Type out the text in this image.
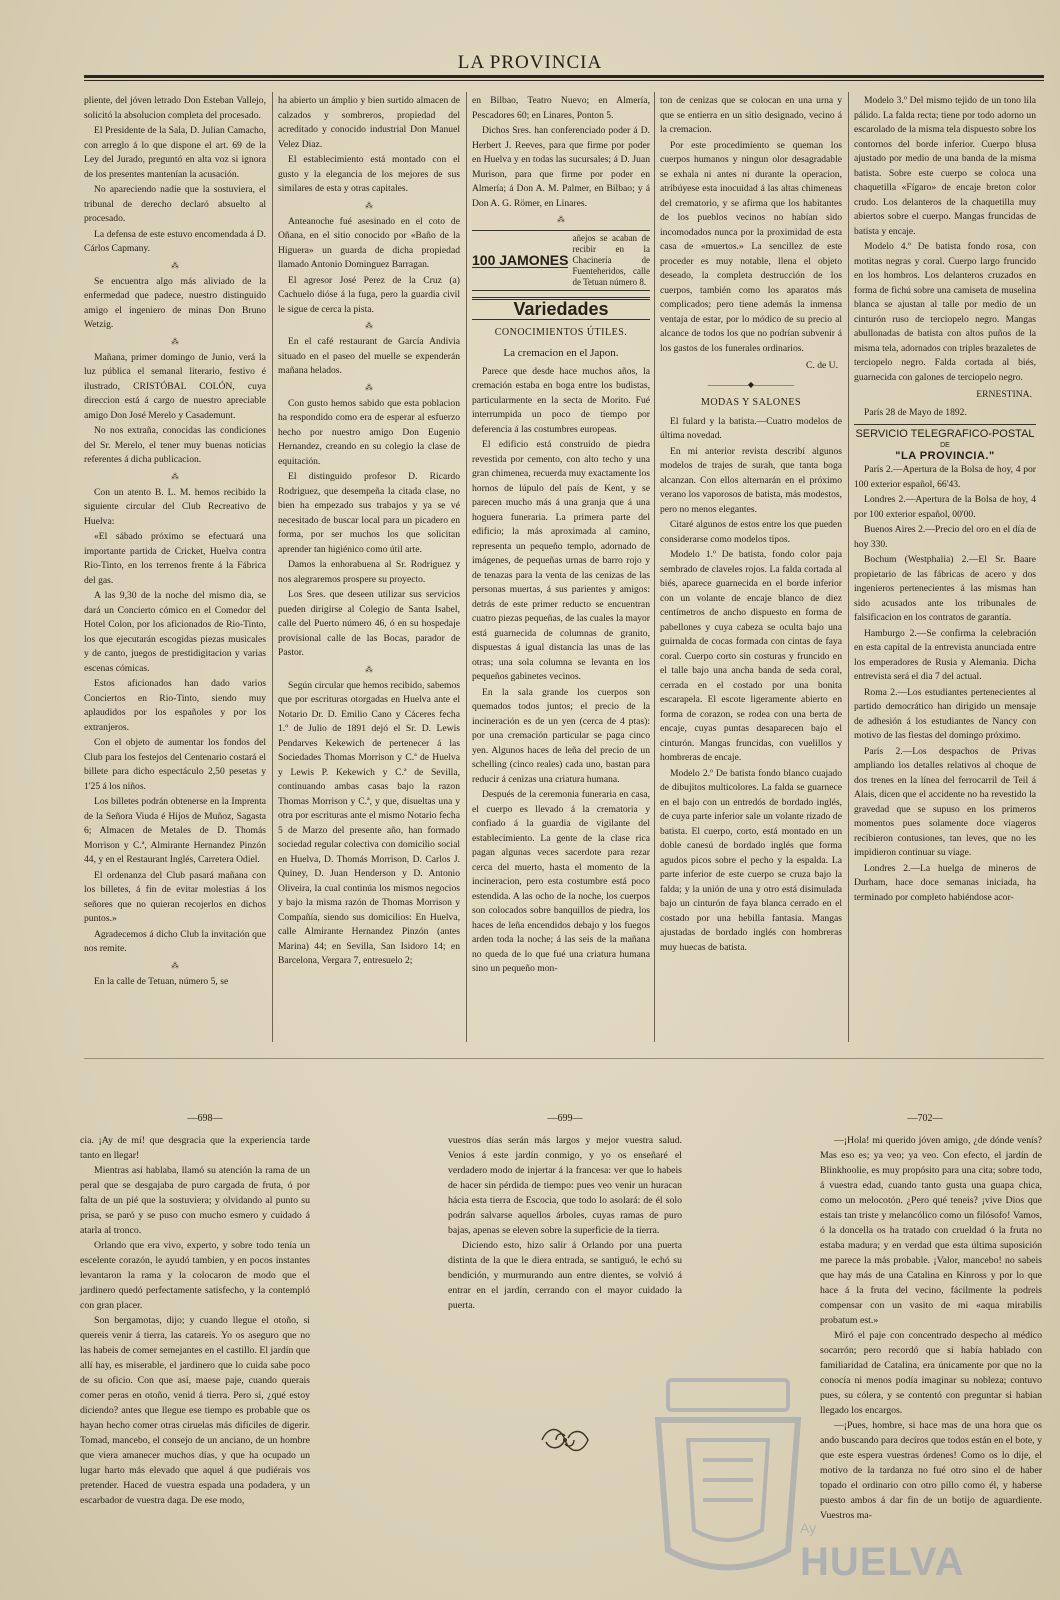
LA PROVINCIA

pliente, del jóven letrado Don Esteban Vallejo, solicitó la absolucion completa del procesado.

El Presidente de la Sala, D. Julian Camacho, con arreglo á lo que dispone el art. 69 de la Ley del Jurado, preguntó en alta voz si ignora de los presentes mantenían la acusación.

No apareciendo nadie que la sostuviera, el tribunal de derecho declaró absuelto al procesado.

La defensa de este estuvo encomendada á D. Cárlos Capmany.

⁂

Se encuentra algo más aliviado de la enfermedad que padece, nuestro distinguido amigo el ingeniero de minas Don Bruno Wetzig.

⁂

Mañana, primer domingo de Junio, verá la luz pública el semanal literario, festivo é ilustrado, CRISTÓBAL COLÓN, cuya direccion está á cargo de nuestro apreciable amigo Don José Merelo y Casademunt.

No nos extraña, conocidas las condiciones del Sr. Merelo, el tener muy buenas noticias referentes á dicha publicacion.

⁂

Con un atento B. L. M. hemos recibido la siguiente circular del Club Recreativo de Huelva:

«El sábado próximo se efectuará una importante partida de Cricket, Huelva contra Rio-Tinto, en los terrenos frente á la Fábrica del gas.

A las 9,30 de la noche del mismo dia, se dará un Concierto cómico en el Comedor del Hotel Colon, por los aficionados de Rio-Tinto, los que ejecutarán escogidas piezas musicales y de canto, juegos de prestidigitacion y varias escenas cómicas.

Estos aficionados han dado varios Conciertos en Rio-Tinto, siendo muy aplaudidos por los españoles y por los extranjeros.

Con el objeto de aumentar los fondos del Club para los festejos del Centenario costará el billete para dicho espectáculo 2,50 pesetas y 1'25 á los niños.

Los billetes podrán obtenerse en la Imprenta de la Señora Viuda é Hijos de Muñoz, Sagasta 6; Almacen de Metales de D. Thomás Morrison y C.ª, Almirante Hernandez Pinzón 44, y en el Restaurant Inglés, Carretera Odiel.

El ordenanza del Club pasará mañana con los billetes, á fin de evitar molestias á los señores que no quieran recojerlos en dichos puntos.»

Agradecemos á dicho Club la invitación que nos remite.

⁂

En la calle de Tetuan, número 5, se

ha abierto un ámplio y bien surtido almacen de calzados y sombreros, propiedad del acreditado y conocido industrial Don Manuel Velez Diaz.

El establecimiento está montado con el gusto y la elegancia de los mejores de sus similares de esta y otras capitales.

⁂

Anteanoche fué asesinado en el coto de Oñana, en el sitio conocido por «Baño de la Higuera» un guarda de dicha propiedad llamado Antonio Dominguez Barragan.

El agresor José Perez de la Cruz (a) Cachuelo dióse á la fuga, pero la guardia civil le sigue de cerca la pista.

⁂

En el café restaurant de García Andivia situado en el paseo del muelle se expenderán mañana helados.

⁂

Con gusto hemos sabido que esta poblacion ha respondido como era de esperar al esfuerzo hecho por nuestro amigo Don Eugenio Hernandez, creando en su colegio la clase de equitación.

El distinguido profesor D. Ricardo Rodriguez, que desempeña la citada clase, no bien ha empezado sus trabajos y ya se vé necesitado de buscar local para un picadero en forma, por ser muchos los que solicitan aprender tan higiénico como útil arte.

Damos la enhorabuena al Sr. Rodriguez y nos alegraremos prospere su proyecto.

Los Sres. que deseen utilizar sus servicios pueden dirigirse al Colegio de Santa Isabel, calle del Puerto número 46, ó en su hospedaje provisional calle de las Bocas, parador de Pastor.

⁂

Según circular que hemos recibido, sabemos que por escrituras otorgadas en Huelva ante el Notario Dr. D. Emilio Cano y Cáceres fecha 1.º de Julio de 1891 dejó el Sr. D. Lewis Pendarves Kekewich de pertenecer á las Sociedades Thomas Morrison y C.ª de Huelva y Lewis P. Kekewich y C.ª de Sevilla, continuando ambas casas bajo la razon Thomas Morrison y C.ª, y que, disueltas una y otra por escrituras ante el mismo Notario fecha 5 de Marzo del presente año, han formado sociedad regular colectiva con domicilio social en Huelva, D. Thomás Morrison, D. Carlos J. Quiney, D. Juan Henderson y D. Antonio Oliveira, la cual continúa los mismos negocios y bajo la misma razón de Thomas Morrison y Compañía, siendo sus domicilios: En Huelva, calle Almirante Hernandez Pinzón (antes Marina) 44; en Sevilla, San Isidoro 14; en Barcelona, Vergara 7, entresuelo 2;

en Bilbao, Teatro Nuevo; en Almería, Pescadores 60; en Linares, Ponton 5.

Dichos Sres. han conferenciado poder á D. Herbert J. Reeves, para que firme por poder en Huelva y en todas las sucursales; á D. Juan Murison, para que firme por poder en Almería; á Don A. M. Palmer, en Bilbao; y á Don A. G. Römer, en Linares.

⁂
100 JAMONES
añejos se acaban de recibir en la Chacinería de Fuenteheridos, calle de Tetuan número 8.
Variedades
CONOCIMIENTOS ÚTILES.
La cremacion en el Japon.

Parece que desde hace muchos años, la cremación estaba en boga entre los budistas, particularmente en la secta de Morito. Fué interrumpida un poco de tiempo por deferencia á las costumbres europeas.

El edificio está construido de piedra revestida por cemento, con alto techo y una gran chimenea, recuerda muy exactamente los hornos de lúpulo del país de Kent, y se parecen mucho más á una granja que á una hoguera funeraria. La primera parte del edificio; la más aproximada al camino, representa un pequeño templo, adornado de imágenes, de pequeñas urnas de barro rojo y de tenazas para la venta de las cenizas de las personas muertas, á sus parientes y amigos: detrás de este primer reducto se encuentran cuatro piezas pequeñas, de las cuales la mayor está guarnecida de columnas de granito, dispuestas á igual distancia las unas de las otras; una sola columna se levanta en los pequeños gabinetes vecinos.

En la sala grande los cuerpos son quemados todos juntos; el precio de la incineración es de un yen (cerca de 4 ptas): por una cremación particular se paga cinco yen. Algunos haces de leña del precio de un schelling (cinco reales) cada uno, bastan para reducir á cenizas una criatura humana.

Después de la ceremonia funeraria en casa, el cuerpo es llevado á la crematoria y confiado á la guardia de vigilante del establecimiento. La gente de la clase rica pagan algunas veces sacerdote para rezar cerca del muerto, hasta el momento de la incineracion, pero esta costumbre está poco estendida. A las ocho de la noche, los cuerpos son colocados sobre banquillos de piedra, los haces de leña encendidos debajo y los fuegos arden toda la noche; á las seis de la mañana no queda de lo que fué una criatura humana sino un pequeño mon-

ton de cenizas que se colocan en una urna y que se entierra en un sitio designado, vecino á la cremacion.

Por este procedimiento se queman los cuerpos humanos y ningun olor desagradable se exhala ni antes ni durante la operacion, atribúyese esta inocuidad á las altas chimeneas del crematorio, y se afirma que los habitantes de los pueblos vecinos no habían sido incomodados nunca por la proximidad de esta casa de «muertos.» La sencillez de este proceder es muy notable, llena el objeto deseado, la completa destrucción de los cuerpos, también como los aparatos más complicados; pero tiene además la inmensa ventaja de estar, por lo módico de su precio al alcance de todos los que no podrían subvenir á los gastos de los funerales ordinarios.

C. de U.
—————◆—————
MODAS Y SALONES

El fulard y la batista.—Cuatro modelos de última novedad.

En mi anterior revista describí algunos modelos de trajes de surah, que tanta boga alcanzan. Con ellos alternarán en el próximo verano los vaporosos de batista, más modestos, pero no menos elegantes.

Citaré algunos de estos entre los que pueden considerarse como modelos tipos.

Modelo 1.º De batista, fondo color paja sembrado de claveles rojos. La falda cortada al biés, aparece guarnecida en el borde inferior con un volante de encaje blanco de diez centímetros de ancho dispuesto en forma de pabellones y cuya cabeza se oculta bajo una guirnalda de cocas formada con cintas de faya coral. Cuerpo corto sin costuras y fruncido en el talle bajo una ancha banda de seda coral, cerrada en el costado por una bonita escarapela. El escote ligeramente abierto en forma de corazon, se rodea con una berta de encaje, cuyas puntas desaparecen bajo el cinturón. Mangas fruncidas, con vuelillos y hombreras de encaje.

Modelo 2.º De batista fondo blanco cuajado de dibujitos multicolores. La falda se guarnece en el bajo con un entredós de bordado inglés, de cuya parte inferior sale un volante rizado de batista. El cuerpo, corto, está montado en un doble canesú de bordado inglés que forma agudos picos sobre el pecho y la espalda. La parte inferior de este cuerpo se cruza bajo la falda; y la unión de una y otro está disimulada bajo un cinturón de faya blanca cerrado en el costado por una hebilla fantasía. Mangas ajustadas de bordado inglés con hombreras muy huecas de batista.

Modelo 3.º Del mismo tejido de un tono lila pálido. La falda recta; tiene por todo adorno un escarolado de la misma tela dispuesto sobre los contornos del borde inferior. Cuerpo blusa ajustado por medio de una banda de la misma batista. Sobre este cuerpo se coloca una chaquetilla «Fígaro» de encaje breton color crudo. Los delanteros de la chaquetilla muy abiertos sobre el cuerpo. Mangas fruncidas de batista y encaje.

Modelo 4.º De batista fondo rosa, con motitas negras y coral. Cuerpo largo fruncido en los hombros. Los delanteros cruzados en forma de fichú sobre una camiseta de muselina blanca se ajustan al talle por medio de un cinturón ruso de terciopelo negro. Mangas abullonadas de batista con altos puños de la misma tela, adornados con triples brazaletes de terciopelo negro. Falda cortada al biés, guarnecida con galones de terciopelo negro.

ERNESTINA.

París 28 de Mayo de 1892.

SERVICIO TELEGRAFICO-POSTAL
DE
"LA PROVINCIA."

París 2.—Apertura de la Bolsa de hoy, 4 por 100 exterior español, 66'43.

Londres 2.—Apertura de la Bolsa de hoy, 4 por 100 exterior español, 00'00.

Buenos Aires 2.—Precio del oro en el día de hoy 330.

Bochum (Westphalia) 2.—El Sr. Baare propietario de las fábricas de acero y dos ingenieros pertenecientes á las mismas han sido acusados ante los tribunales de falsificacion en los contratos de garantía.

Hamburgo 2.—Se confirma la celebración en esta capital de la entrevista anunciada entre los emperadores de Rusia y Alemania. Dicha entrevista será el dia 7 del actual.

Roma 2.—Los estudiantes pertenecientes al partido democrático han dirigido un mensaje de adhesión á los estudiantes de Nancy con motivo de las fiestas del domingo próximo.

París 2.—Los despachos de Privas ampliando los detalles relativos al choque de dos trenes en la línea del ferrocarril de Teil á Alais, dicen que el accidente no ha revestido la gravedad que se supuso en los primeros momentos pues solamente doce viageros recibieron contusiones, tan leves, que no les impidieron continuar su viage.

Londres 2.—La huelga de mineros de Durham, hace doce semanas iniciada, ha terminado por completo habiéndose acor-

—698—	—699—	—702—

cia. ¡Ay de mí! que desgracia que la experiencia tarde tanto en llegar!

Mientras así hablaba, llamó su atención la rama de un peral que se desgajaba de puro cargada de fruta, ó por falta de un pié que la sostuviera; y olvidando al punto su prisa, se paró y se puso con mucho esmero y cuidado á atarla al tronco.

Orlando que era vivo, experto, y sobre todo tenía un escelente corazón, le ayudó tambien, y en pocos instantes levantaron la rama y la colocaron de modo que el jardinero quedó perfectamente satisfecho, y la contempló con gran placer.

Son bergamotas, dijo; y cuando llegue el otoño, si quereis venir á tierra, las catareis. Yo os aseguro que no las habeis de comer semejantes en el castillo. El jardín que allí hay, es miserable, el jardinero que lo cuida sabe poco de su oficio. Con que así, maese paje, cuando querais comer peras en otoño, venid á tierra. Pero si, ¿qué estoy diciendo? antes que llegue ese tiempo es probable que os hayan hecho comer otras ciruelas más difíciles de digerir. Tomad, mancebo, el consejo de un anciano, de un hombre que viera amanecer muchos días, y que ha ocupado un lugar harto más elevado que aquel á que pudiérais vos pretender. Haced de vuestra espada una podadera, y un escarbador de vuestra daga. De ese modo,

vuestros días serán más largos y mejor vuestra salud. Venios á este jardín conmigo, y yo os enseñaré el verdadero modo de injertar á la francesa: ver que lo habeis de hacer sin pérdida de tiempo: pues veo venir un huracan hácia esta tierra de Escocia, que todo lo asolará: de él solo podrán salvarse aquellos árboles, cuyas ramas de puro bajas, apenas se eleven sobre la superficie de la tierra.

Diciendo esto, hizo salir á Orlando por una puerta distinta de la que le diera entrada, se santiguó, le echó su bendición, y murmurando aun entre dientes, se volvió á entrar en el jardín, cerrando con el mayor cuidado la puerta.

—¡Hola! mi querido jóven amigo, ¿de dónde venís? Mas eso es; ya veo; ya veo. Con efecto, el jardín de Blinkhoolie, es muy propósito para una cita; sobre todo, á vuestra edad, cuando tanto gusta una guapa chica, como un melocotón. ¿Pero qué teneis? ¡vive Dios que estais tan triste y melancólico como un filósofo! Vamos, ó la doncella os ha tratado con crueldad ó la fruta no estaba madura; y en verdad que esta última suposición me parece la más probable. ¡Valor, mancebo! no sabeis que hay más de una Catalina en Kinross y por lo que hace á la fruta del vecino, fácilmente la podreis compensar con un vasito de mi «aqua mirabilis probatum est.»

Miró el paje con concentrado despecho al médico socarrón; pero recordó que si había hablado con familiaridad de Catalina, era únicamente por que no la conocía ni menos podía imaginar su nobleza; contuvo pues, su cólera, y se contentó con preguntar si habian llegado los encargos.

—¡Pues, hombre, si hace mas de una hora que os ando buscando para decíros que todos están en el bote, y que este espera vuestras órdenes! Como os lo dije, el motivo de la tardanza no fué otro sino el de haber topado el ordinario con otro pillo como él, y haberse puesto ambos á dar fin de un botijo de aguardiente. Vuestros ma-

Ay
HUELVA
